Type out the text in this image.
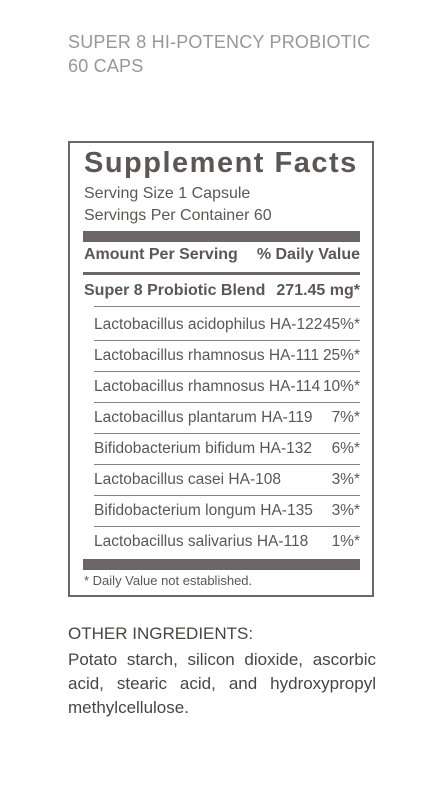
SUPER 8 HI-POTENCY PROBIOTIC
60 CAPS
Supplement Facts
Serving Size 1 Capsule
Servings Per Container 60
Amount Per Serving % Daily Value
Super 8 Probiotic Blend 271.45 mg*
Lactobacillus acidophilus HA-122 45%*
Lactobacillus rhamnosus HA-111 25%*
Lactobacillus rhamnosus HA-114 10%*
Lactobacillus plantarum HA-119 7%*
Bifidobacterium bifidum HA-132 6%*
Lactobacillus casei HA-108	3%*
Bifidobacterium longum HA-135 3%*
Lactobacillus salivarius HA-118 1%*
* Daily Value not established.
OTHER INGREDIENTS:
Potato starch, silicon dioxide, ascorbic acid, stearic acid, and hydroxypropyl methylcellulose.
